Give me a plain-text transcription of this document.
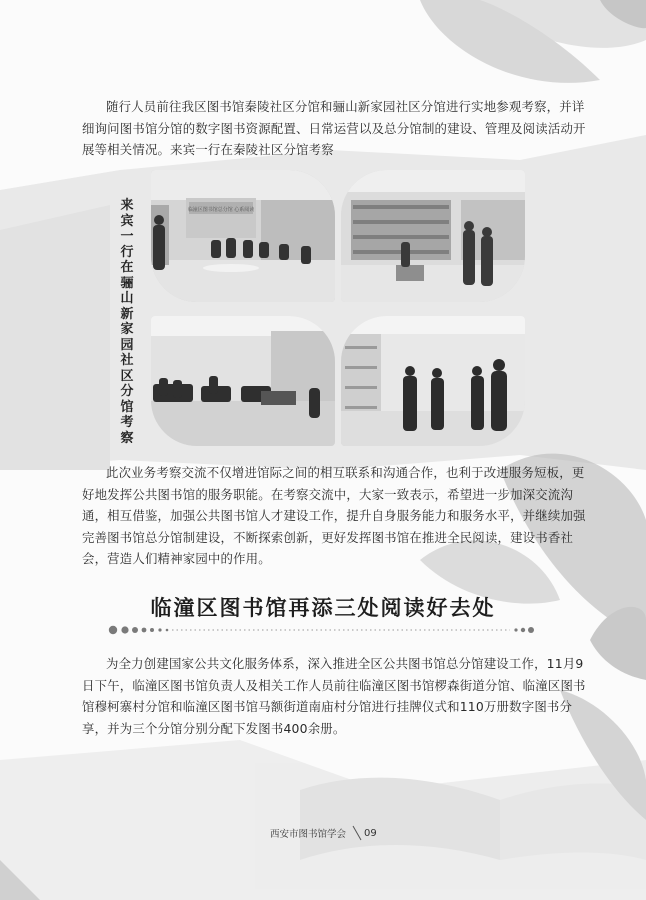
随行人员前往我区图书馆秦陵社区分馆和骊山新家园社区分馆进行实地参观考察，并详细询问图书馆分馆的数字图书资源配置、日常运营以及总分馆制的建设、管理及阅读活动开展等相关情况。来宾一行在秦陵社区分馆考察

来宾一行在骊山新家园社区分馆考察
临潼区图书馆总分馆 心系阅读

此次业务考察交流不仅增进馆际之间的相互联系和沟通合作，也利于改进服务短板，更好地发挥公共图书馆的服务职能。在考察交流中，大家一致表示，希望进一步加深交流沟通，相互借鉴，加强公共图书馆人才建设工作，提升自身服务能力和服务水平，并继续加强完善图书馆总分馆制建设，不断探索创新，更好发挥图书馆在推进全民阅读，建设书香社会，营造人们精神家园中的作用。

临潼区图书馆再添三处阅读好去处

为全力创建国家公共文化服务体系，深入推进全区公共图书馆总分馆建设工作，11月9日下午，临潼区图书馆负责人及相关工作人员前往临潼区图书馆椤森街道分馆、临潼区图书馆穆柯寨村分馆和临潼区图书馆马额街道南庙村分馆进行挂牌仪式和110万册数字图书分享，并为三个分馆分别分配下发图书400余册。

西安市图书馆学会	09
